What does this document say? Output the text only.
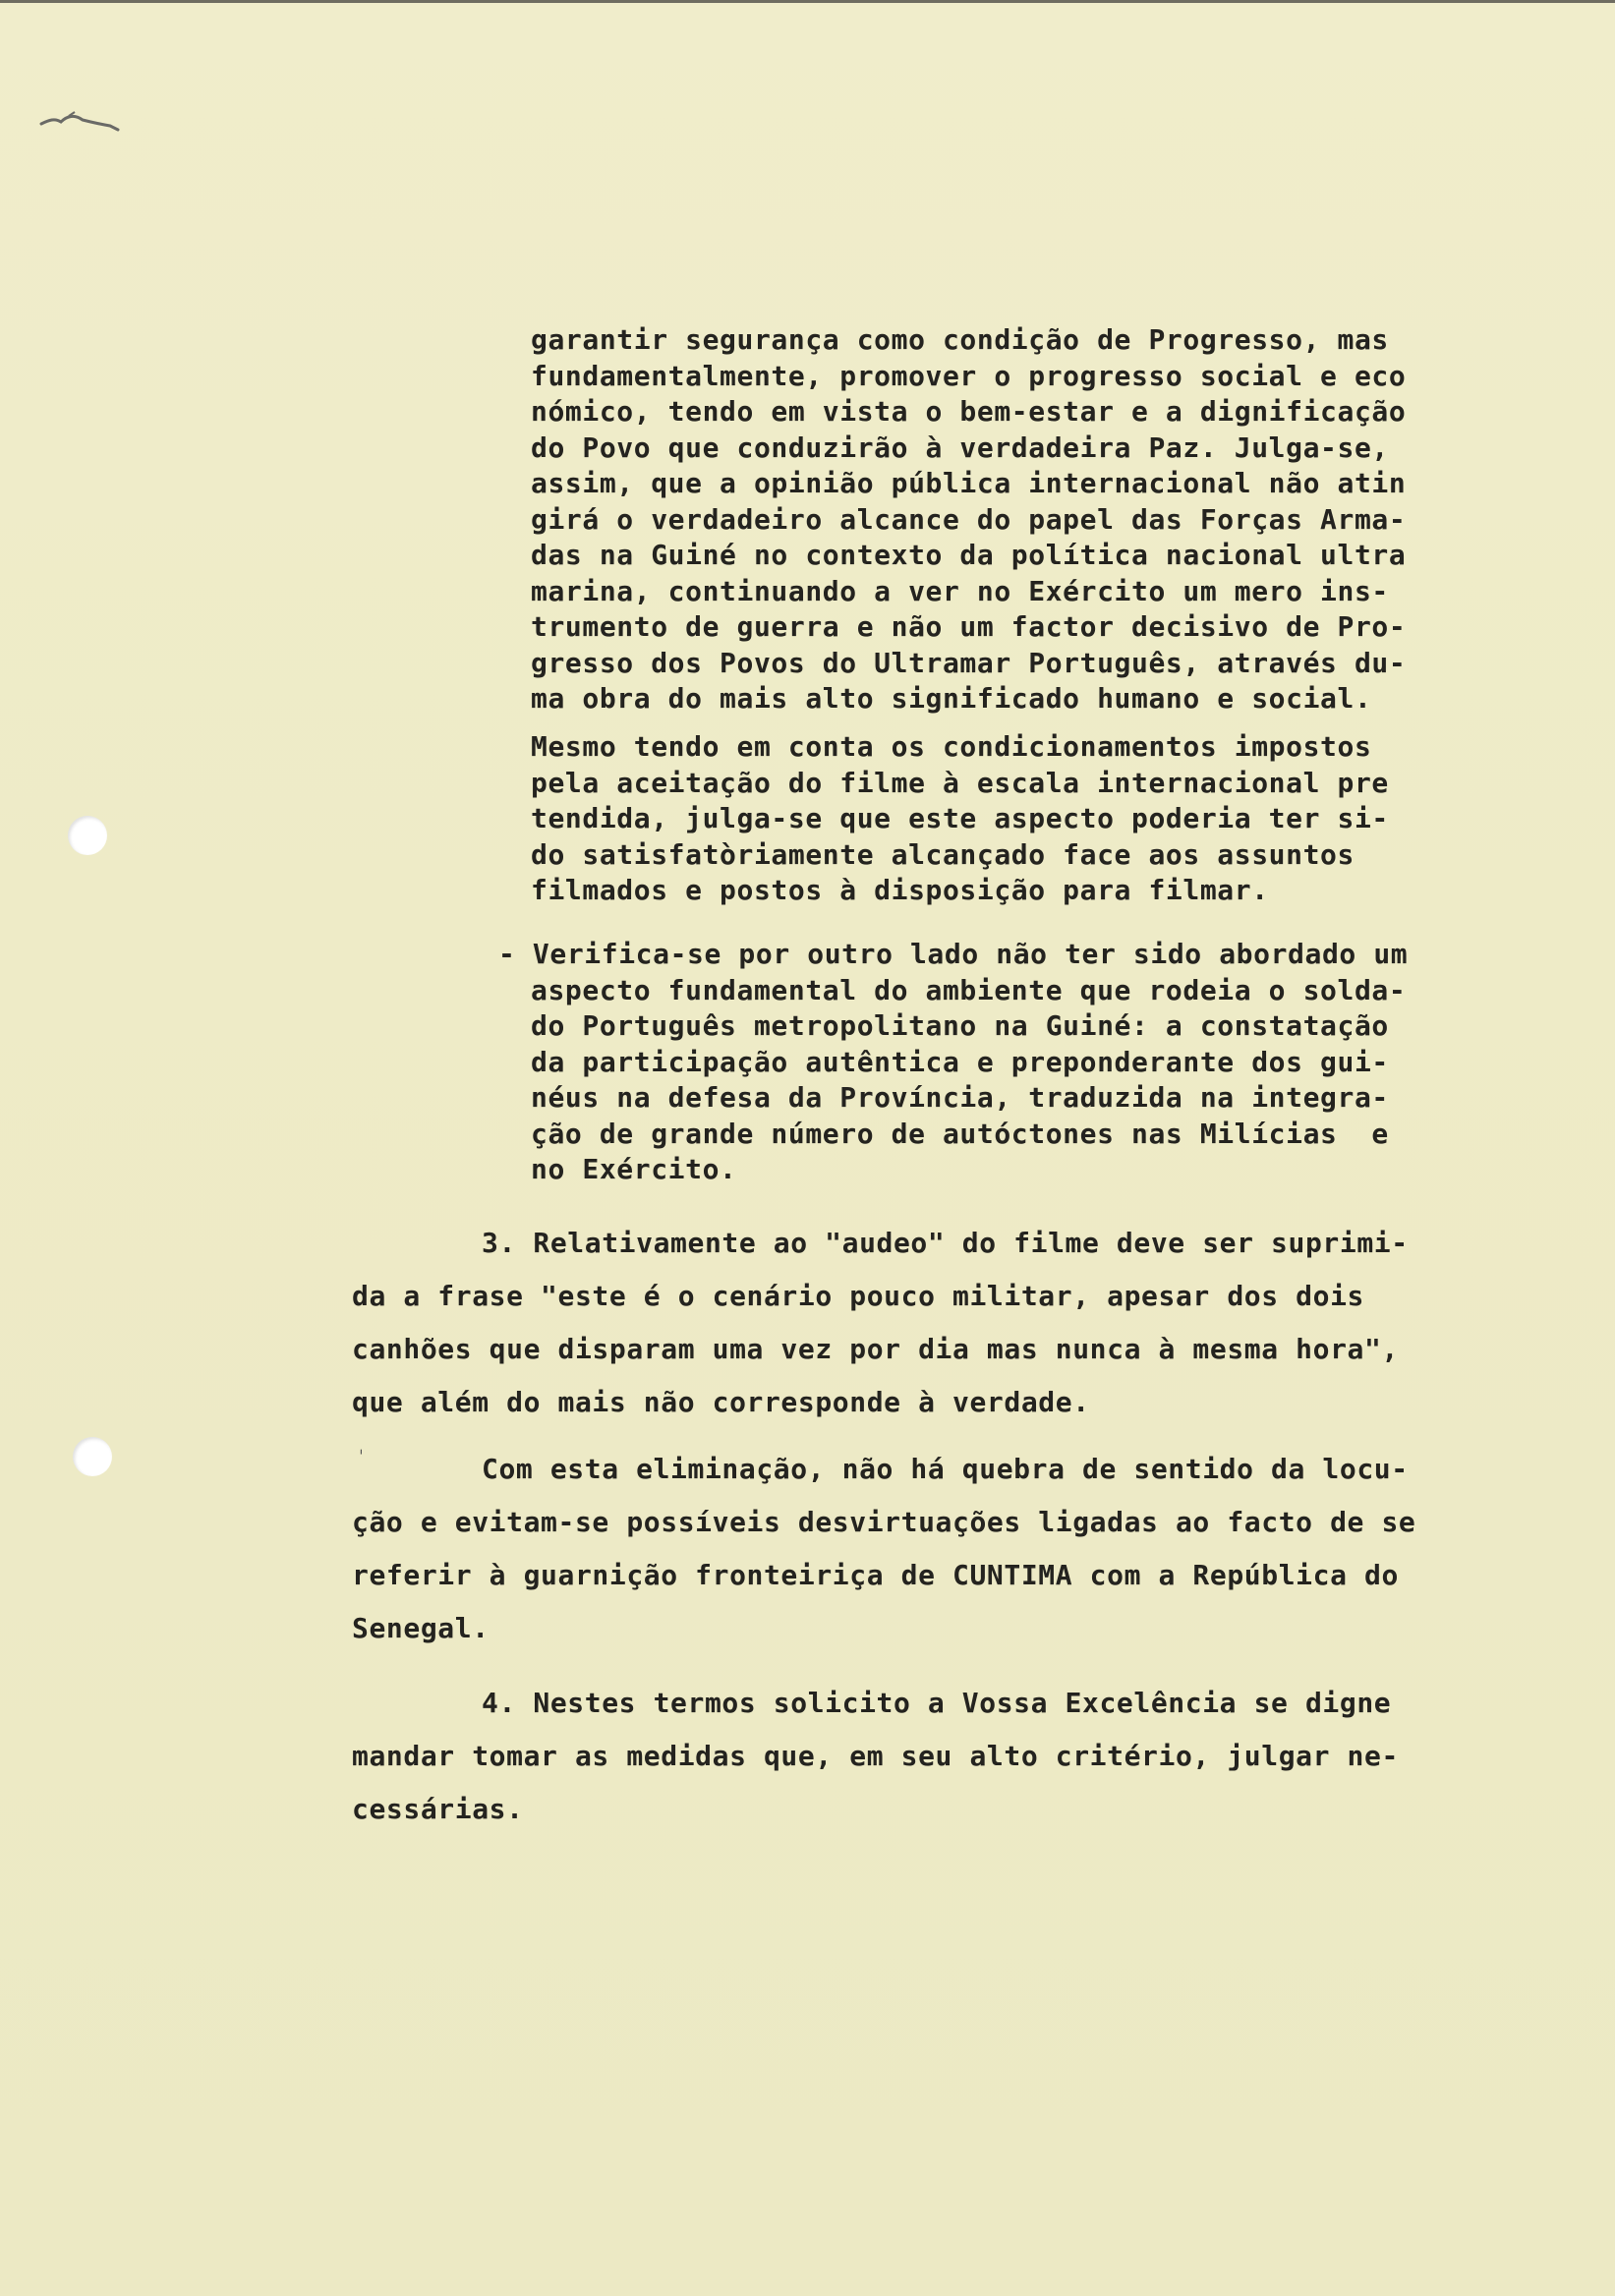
garantir segurança como condição de Progresso, mas
fundamentalmente, promover o progresso social e eco
nómico, tendo em vista o bem-estar e a dignificação
do Povo que conduzirão à verdadeira Paz. Julga-se,
assim, que a opinião pública internacional não atin
girá o verdadeiro alcance do papel das Forças Arma-
das na Guiné no contexto da política nacional ultra
marina, continuando a ver no Exército um mero ins-
trumento de guerra e não um factor decisivo de Pro-
gresso dos Povos do Ultramar Português, através du-
ma obra do mais alto significado humano e social.
Mesmo tendo em conta os condicionamentos impostos
pela aceitação do filme à escala internacional pre
tendida, julga-se que este aspecto poderia ter si-
do satisfatòriamente alcançado face aos assuntos
filmados e postos à disposição para filmar.
- Verifica-se por outro lado não ter sido abordado um
aspecto fundamental do ambiente que rodeia o solda-
do Português metropolitano na Guiné: a constatação
da participação autêntica e preponderante dos gui-
néus na defesa da Província, traduzida na integra-
ção de grande número de autóctones nas Milícias  e
no Exército.
3. Relativamente ao "audeo" do filme deve ser suprimi-
da a frase "este é o cenário pouco militar, apesar dos dois
canhões que disparam uma vez por dia mas nunca à mesma hora",
que além do mais não corresponde à verdade.
ˈ	Com esta eliminação, não há quebra de sentido da locu-
ção e evitam-se possíveis desvirtuações ligadas ao facto de se
referir à guarnição fronteiriça de CUNTIMA com a República do
Senegal.
4. Nestes termos solicito a Vossa Excelência se digne
mandar tomar as medidas que, em seu alto critério, julgar ne-
cessárias.
